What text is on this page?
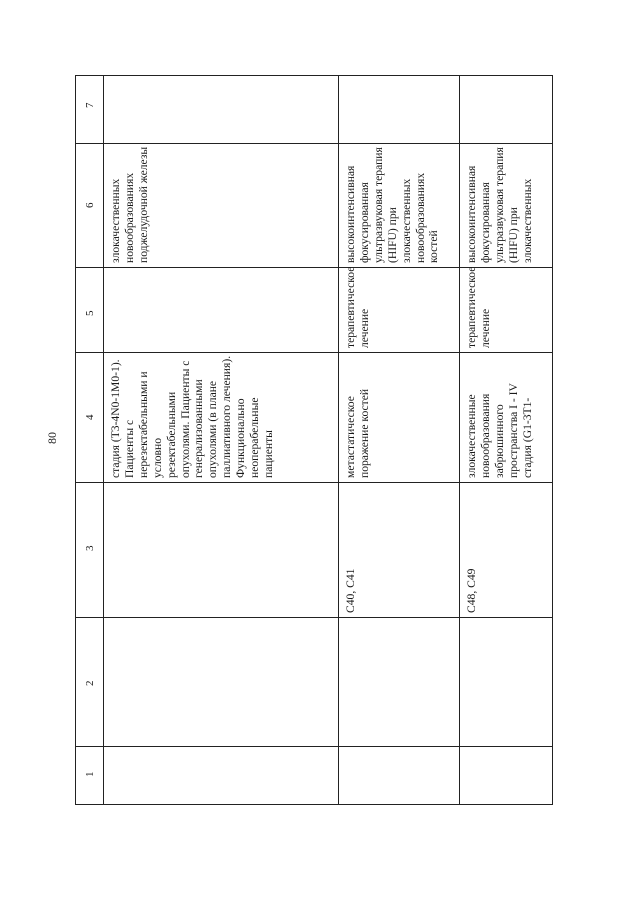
80
1
2
3
4
5
6
7
стадия (T3-4N0-1M0-1). Пациенты с нерезектабельными и условно резектабельными опухолями. Пациенты с генерализованными опухолями (в плане паллиативного лечения). Функционально неоперабельные пациенты
злокачественных новообразованиях поджелудочной железы
С40, С41
метастатическое поражение костей
терапевтическое лечение
высокоинтенсивная фокусированная ультразвуковая терапия (HIFU) при злокачественных новообразованиях костей
С48, С49
злокачественные новообразования забрюшинного пространства I - IV стадия (G1-3T1-
терапевтическое лечение
высокоинтенсивная фокусированная ультразвуковая терапия (HIFU) при злокачественных
